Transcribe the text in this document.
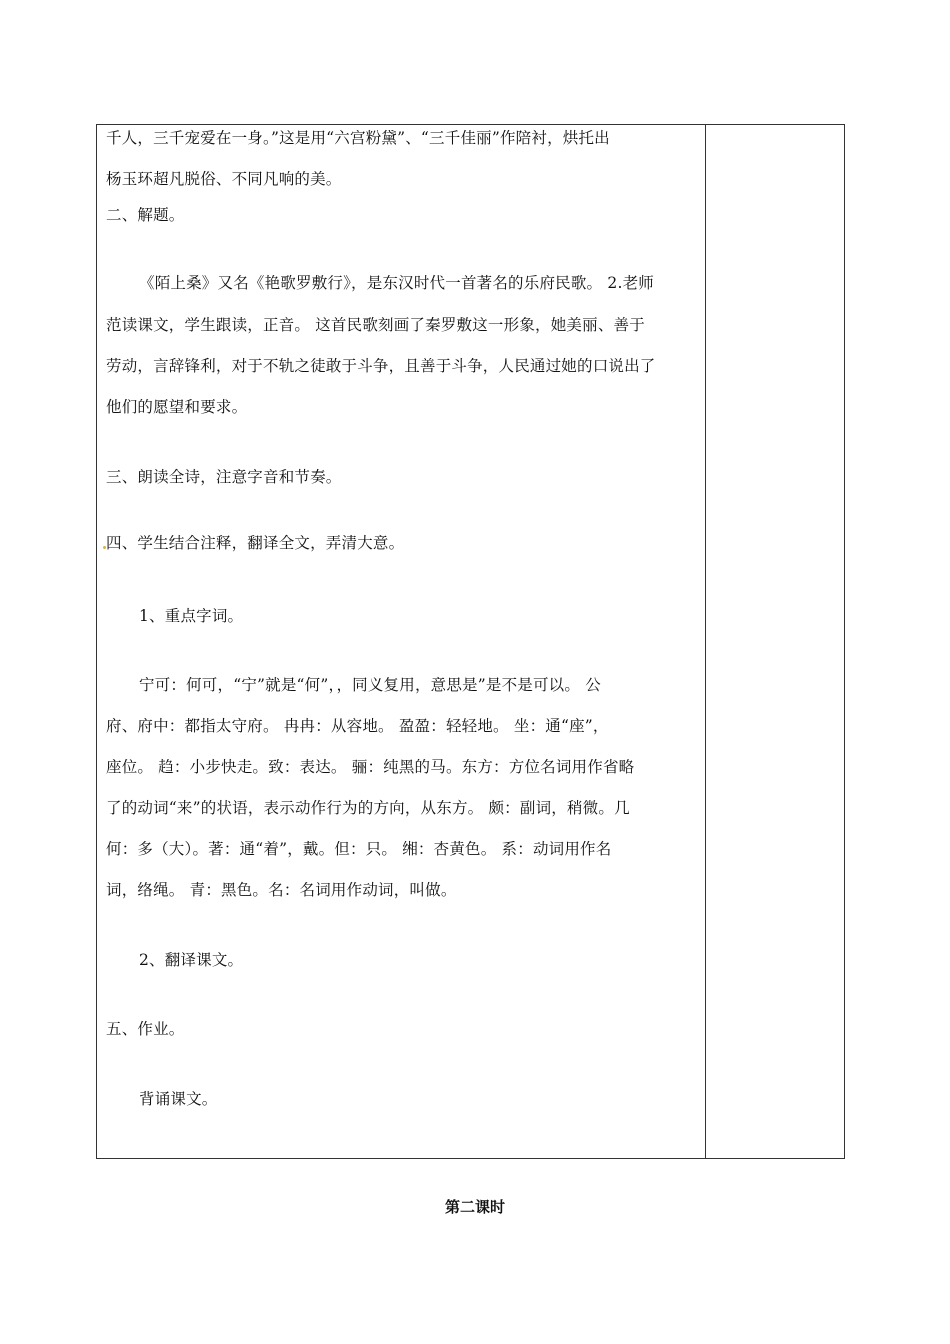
千人，三千宠爱在一身。”这是用“六宫粉黛”、“三千佳丽”作陪衬，烘托出
杨玉环超凡脱俗、不同凡响的美。
二、解题。
《陌上桑》又名《艳歌罗敷行》，是东汉时代一首著名的乐府民歌。 2.老师
范读课文，学生跟读，正音。 这首民歌刻画了秦罗敷这一形象，她美丽、善于
劳动，言辞锋利，对于不轨之徒敢于斗争，且善于斗争，人民通过她的口说出了
他们的愿望和要求。
三、朗读全诗，注意字音和节奏。
四、学生结合注释，翻译全文，弄清大意。
1、重点字词。
宁可：何可，“宁”就是“何”，，同义复用，意思是”是不是可以。 公
府、府中：都指太守府。 冉冉：从容地。 盈盈：轻轻地。 坐：通“座”，
座位。 趋：小步快走。致：表达。 骊：纯黑的马。东方：方位名词用作省略
了的动词“来”的状语，表示动作行为的方向，从东方。 颇：副词，稍微。几
何：多（大）。著：通“着”，戴。但：只。 缃：杏黄色。 系：动词用作名
词，络绳。 青：黑色。名：名词用作动词，叫做。
2、翻译课文。
五、作业。
背诵课文。
第二课时
